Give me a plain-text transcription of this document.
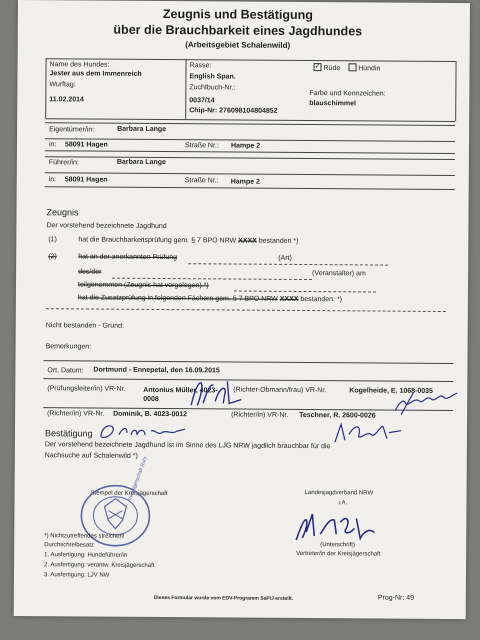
Zeugnis und Bestätigung
über die Brauchbarkeit eines Jagdhundes
(Arbeitsgebiet Schalenwild)
Name des Hundes:
Jester aus dem Immenreich
Wurftag:
11.02.2014
Rasse:
English Span.
Zuchtbuch-Nr.:
0037/14
Chip-Nr: 276098104804852
✓ Rüde	Hündin
Farbe und Kennzeichen:
blauschimmel
Eigentümer/in:	Barbara Lange
in: 58091 Hagen	Straße Nr.: Hampe 2
Führer/in:	Barbara Lange
in: 58091 Hagen	Straße Nr.: Hampe 2
Zeugnis
Der vorstehend bezeichnete Jagdhund
(1)	hat die Brauchbarkeitsprüfung gem. § 7 BPO NRW XXXX bestanden *)
(2)	hat an der anerkannten Prüfung	(Art)
des/der	(Veranstalter) am
teilgenommen (Zeugnis hat vorgelegen) *)
hat die Zusatzprüfung in folgenden Fächern gem. § 7 BPO NRW XXXX bestanden: *)
Nicht bestanden - Grund:
Bemerkungen:
Ort, Datum: Dortmund - Ennepetal, den 16.09.2015
(Prüfungsleiter/in) VR-Nr.	Antonius Müller, 4023-0008
(Richter-Obmann/frau) VR-Nr.	Kogelheide, E. 1068-0035
(Richter/in) VR-Nr. Dominik, B. 4023-0012	(Richter/in) VR-Nr. Teschner, R. 2600-0026
Bestätigung
Der vorstehend bezeichnete Jagdhund ist im Sinne des LJG NRW jagdlich brauchbar für die
Nachsuche auf Schalenwild *)
Stempel der Kreisjägerschaft
Kreisjägerschaft Ruhr	Landesjagdverband NRW
i.A.
(Unterschrift)
Vertreter/in der Kreisjägerschaft
*) Nichtzutreffendes streichen!
Durchschreibesatz
1. Ausfertigung: Hundeführer/in
2. Ausfertigung: verantw. Kreisjägerschaft
3. Ausfertigung: LJV NW
Dieses Formular wurde vom EDV-Programm SaPiJ erstellt.	Prog-Nr: 49
